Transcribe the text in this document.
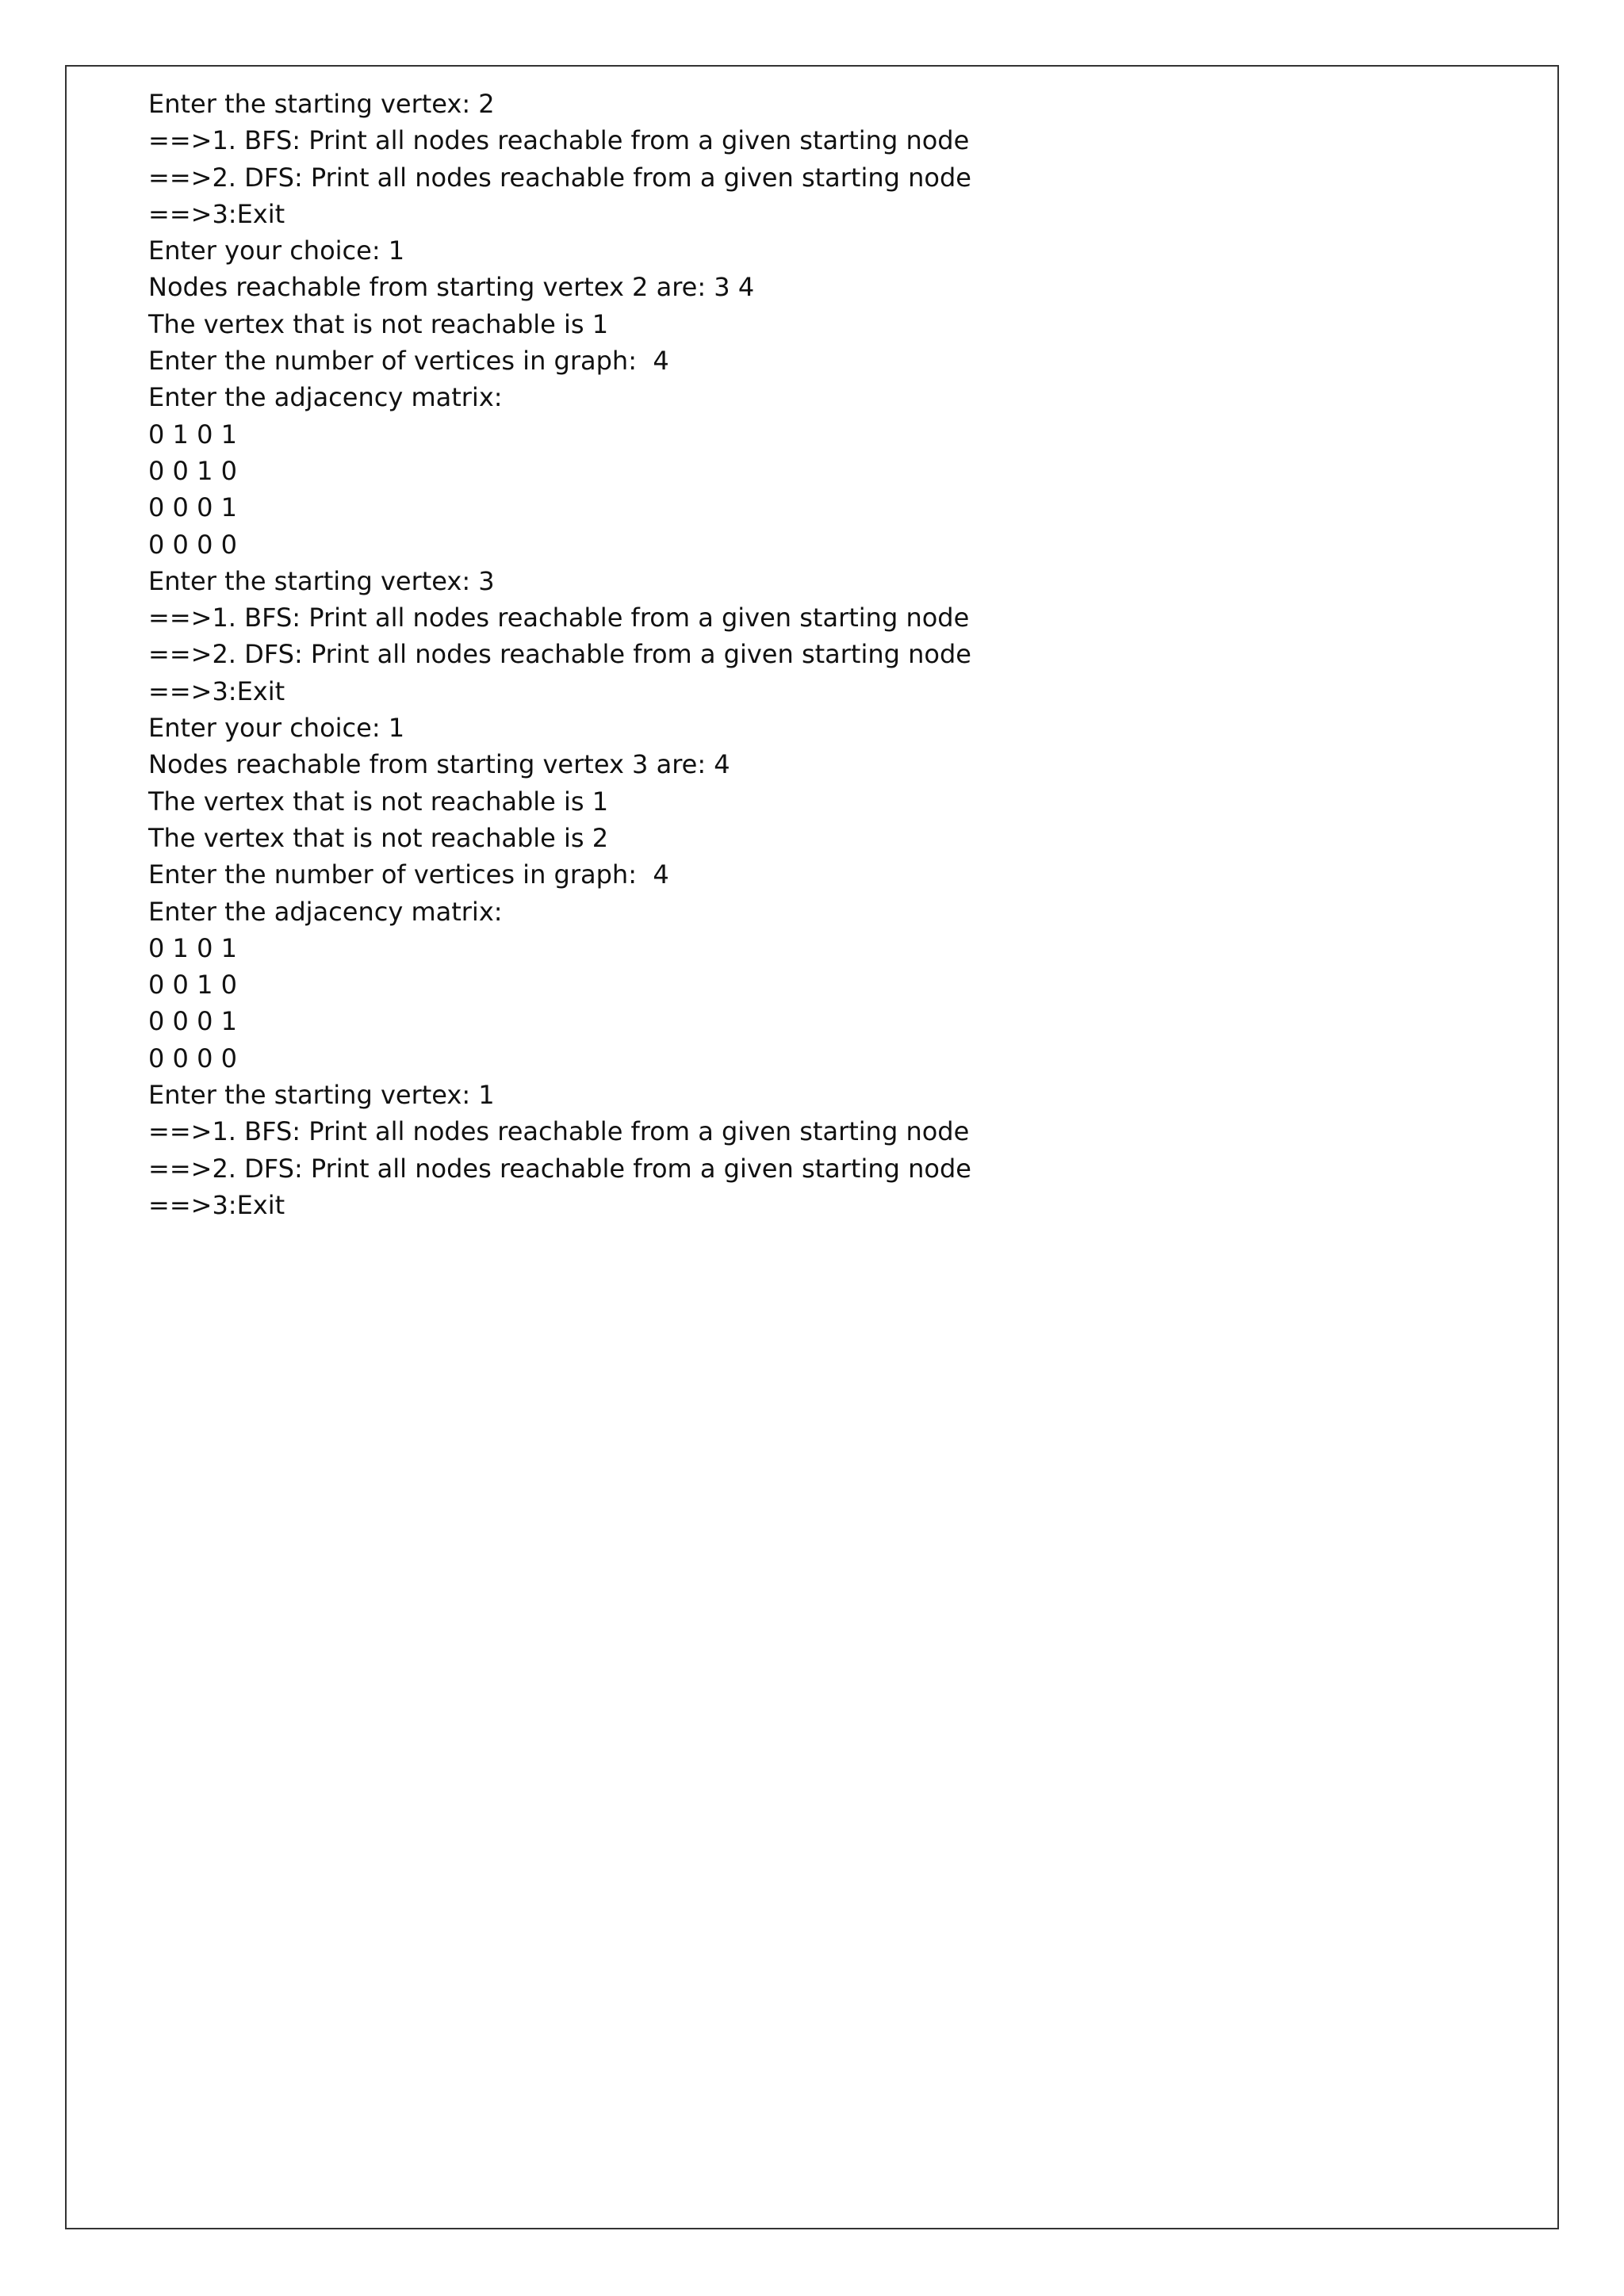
Enter the starting vertex: 2
==>1. BFS: Print all nodes reachable from a given starting node
==>2. DFS: Print all nodes reachable from a given starting node
==>3:Exit
Enter your choice: 1
Nodes reachable from starting vertex 2 are: 3 4
The vertex that is not reachable is 1
Enter the number of vertices in graph:  4
Enter the adjacency matrix:
0 1 0 1
0 0 1 0
0 0 0 1
0 0 0 0
Enter the starting vertex: 3
==>1. BFS: Print all nodes reachable from a given starting node
==>2. DFS: Print all nodes reachable from a given starting node
==>3:Exit
Enter your choice: 1
Nodes reachable from starting vertex 3 are: 4
The vertex that is not reachable is 1
The vertex that is not reachable is 2
Enter the number of vertices in graph:  4
Enter the adjacency matrix:
0 1 0 1
0 0 1 0
0 0 0 1
0 0 0 0
Enter the starting vertex: 1
==>1. BFS: Print all nodes reachable from a given starting node
==>2. DFS: Print all nodes reachable from a given starting node
==>3:Exit
